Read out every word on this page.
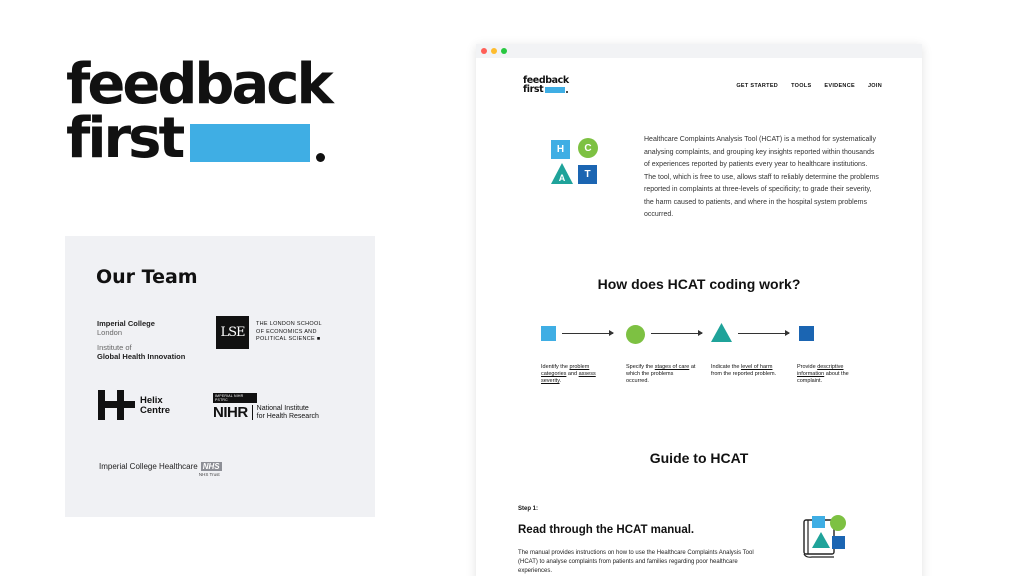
feedback
first
Our Team
Imperial College
London
Institute of
Global Health Innovation
LSE
THE LONDON SCHOOL
OF ECONOMICS AND
POLITICAL SCIENCE ■
Helix
Centre
IMPERIAL NIHR PSTRC
NIHR National Institute
for Health Research
Imperial College Healthcare NHS
NHS Trust
feedback
first	GET STARTED TOOLS EVIDENCE JOIN
H	C
A	T

Healthcare Complaints Analysis Tool (HCAT) is a method for systematically analysing complaints, and grouping key insights reported within thousands of experiences reported by patients every year to healthcare institutions. The tool, which is free to use, allows staff to reliably determine the problems reported in complaints at three-levels of specificity; to grade their severity, the harm caused to patients, and where in the hospital system problems occurred.

How does HCAT coding work?
Identify the problem categories and assess severity.
Specify the stages of care at which the problems occurred.
Indicate the level of harm from the reported problem.
Provide descriptive information about the complaint.
Guide to HCAT
Step 1:
Read through the HCAT manual.

The manual provides instructions on how to use the Healthcare Complaints Analysis Tool (HCAT) to analyse complaints from patients and families regarding poor healthcare experiences.
